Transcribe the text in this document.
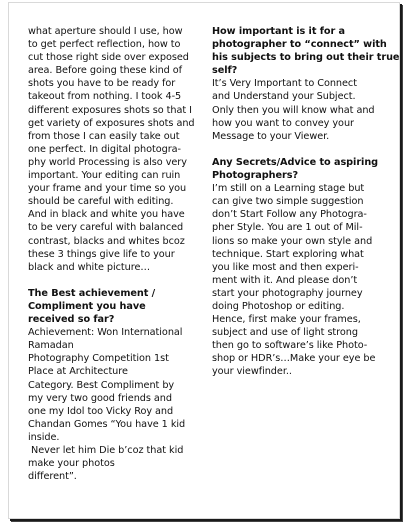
what aperture should I use, how
to get perfect reflection, how to
cut those right side over exposed
area. Before going these kind of
shots you have to be ready for
takeout from nothing. I took 4-5
different exposures shots so that I
get variety of exposures shots and
from those I can easily take out
one perfect. In digital photogra-
phy world Processing is also very
important. Your editing can ruin
your frame and your time so you
should be careful with editing.
And in black and white you have
to be very careful with balanced
contrast, blacks and whites bcoz
these 3 things give life to your
black and white picture…
The Best achievement /
Compliment you have
received so far?
Achievement: Won International
Ramadan
Photography Competition 1st
Place at Architecture
Category. Best Compliment by
my very two good friends and
one my Idol too Vicky Roy and
Chandan Gomes “You have 1 kid
inside.
Never let him Die b’coz that kid
make your photos
different”.
How important is it for a
photographer to “connect” with
his subjects to bring out their true
self?
It’s Very Important to Connect
and Understand your Subject.
Only then you will know what and
how you want to convey your
Message to your Viewer.
Any Secrets/Advice to aspiring
Photographers?
I’m still on a Learning stage but
can give two simple suggestion
don’t Start Follow any Photogra-
pher Style. You are 1 out of Mil-
lions so make your own style and
technique. Start exploring what
you like most and then experi-
ment with it. And please don’t
start your photography journey
doing Photoshop or editing.
Hence, first make your frames,
subject and use of light strong
then go to software’s like Photo-
shop or HDR’s…Make your eye be
your viewfinder..
